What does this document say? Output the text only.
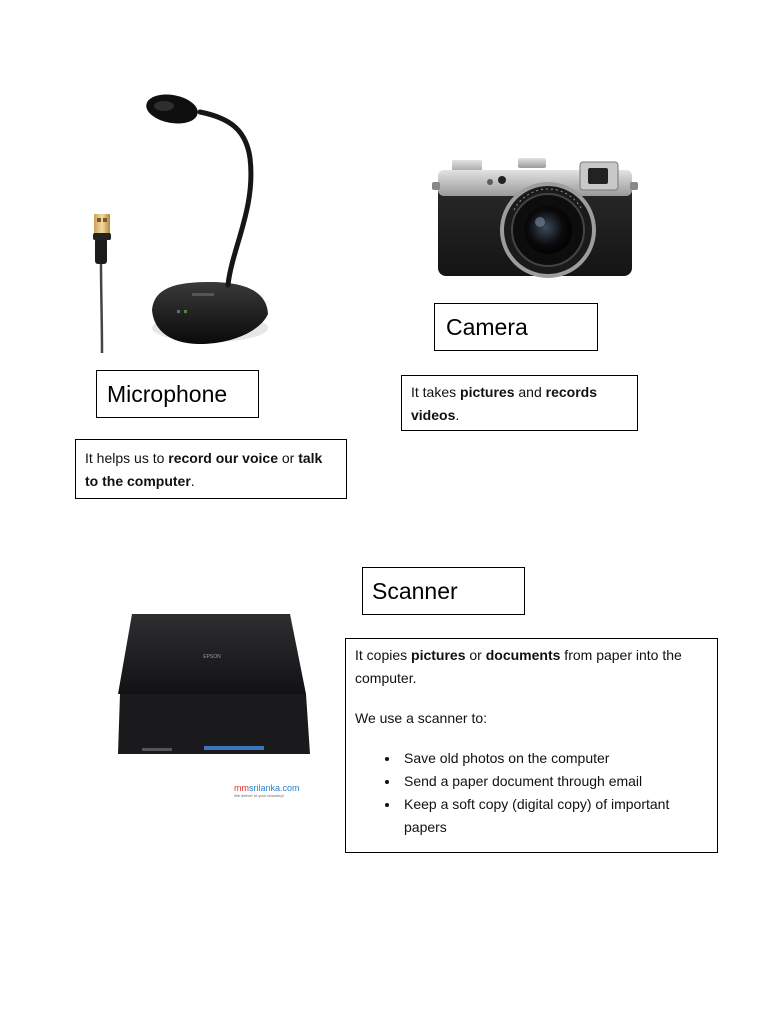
EPSON
mmsrilanka.com
We deliver to your doorstep!
Microphone
It helps us to record our voice or talk to the computer.
Camera
It takes pictures and records videos.
Scanner

It copies pictures or documents from paper into the computer.

We use a scanner to:

• Save old photos on the computer
• Send a paper document through email
• Keep a soft copy (digital copy) of important papers
